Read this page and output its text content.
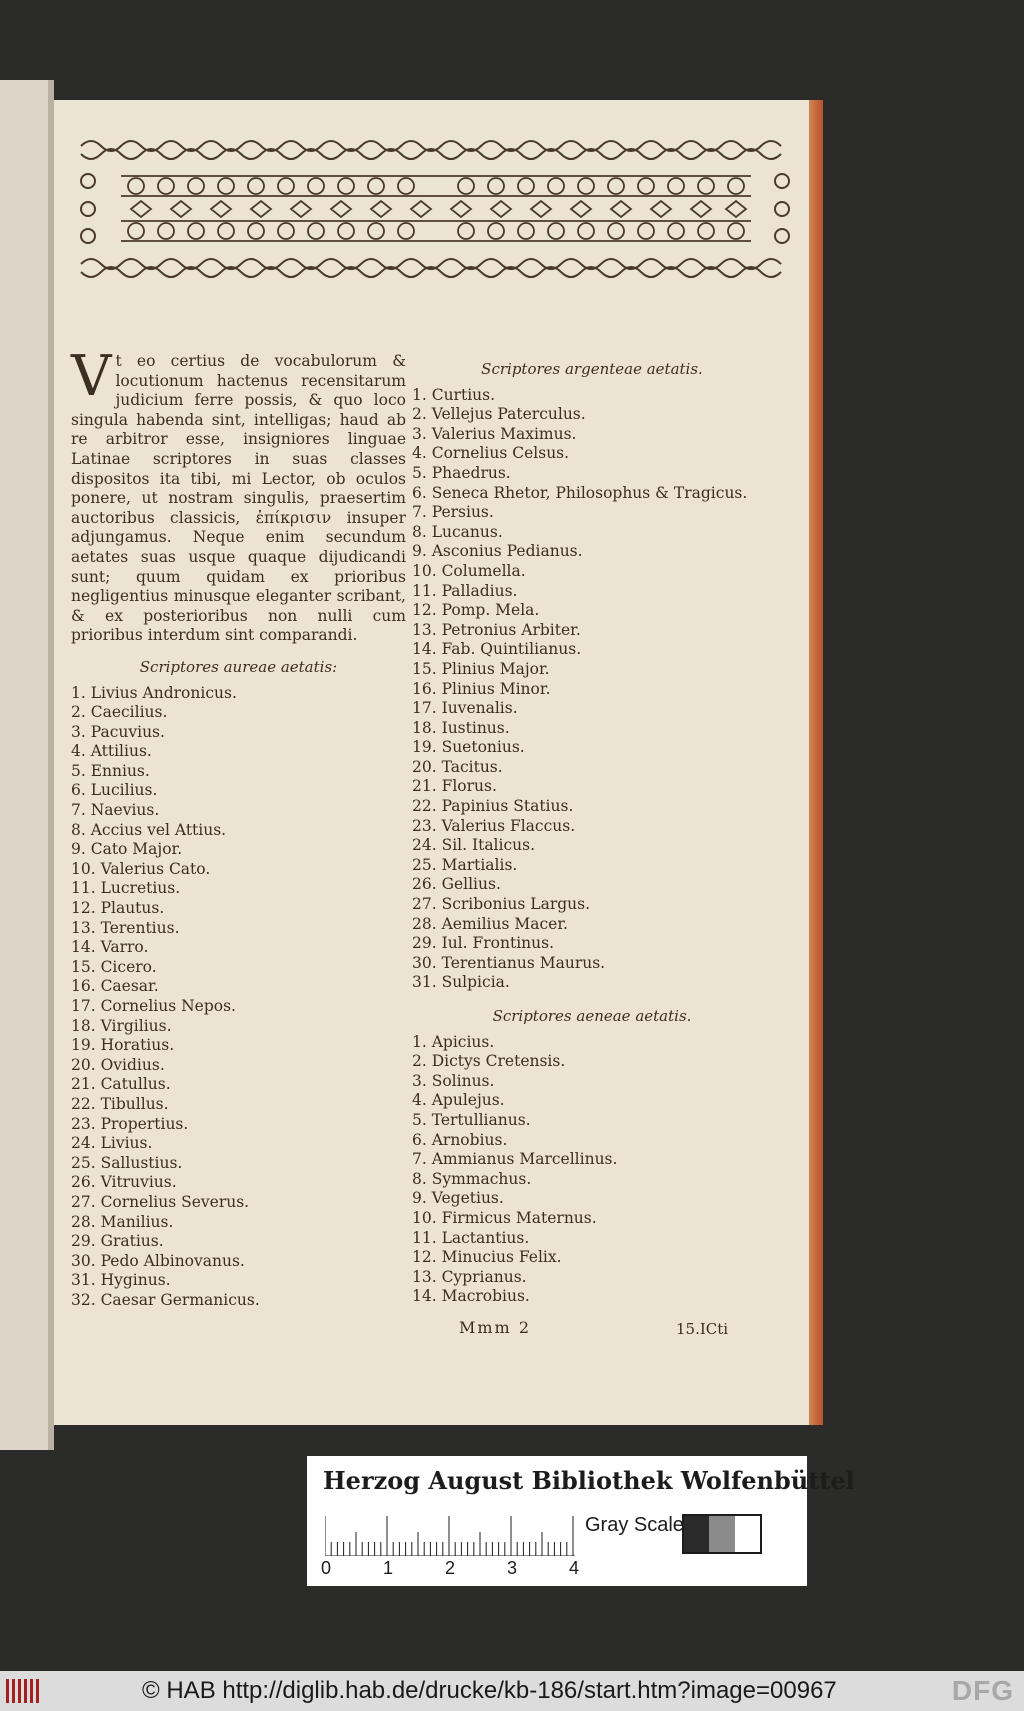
Vt eo certius de vocabulorum & locutionum hactenus recensitarum judicium ferre possis, & quo loco singula habenda sint, intelligas; haud ab re arbitror esse, insigniores linguae Latinae scriptores in suas classes dispositos ita tibi, mi Lector, ob oculos ponere, ut nostram singulis, praesertim auctoribus classicis, ἐπίκρισιν insuper adjungamus. Neque enim secundum aetates suas usque quaque dijudicandi sunt; quum quidam ex prioribus negligentius minusque eleganter scribant, & ex posterioribus non nulli cum prioribus interdum sint comparandi.

Scriptores aureae aetatis:
1. Livius Andronicus.
2. Caecilius.
3. Pacuvius.
4. Attilius.
5. Ennius.
6. Lucilius.
7. Naevius.
8. Accius vel Attius.
9. Cato Major.
10. Valerius Cato.
11. Lucretius.
12. Plautus.
13. Terentius.
14. Varro.
15. Cicero.
16. Caesar.
17. Cornelius Nepos.
18. Virgilius.
19. Horatius.
20. Ovidius.
21. Catullus.
22. Tibullus.
23. Propertius.
24. Livius.
25. Sallustius.
26. Vitruvius.
27. Cornelius Severus.
28. Manilius.
29. Gratius.
30. Pedo Albinovanus.
31. Hyginus.
32. Caesar Germanicus.
Scriptores argenteae aetatis.
1. Curtius.
2. Vellejus Paterculus.
3. Valerius Maximus.
4. Cornelius Celsus.
5. Phaedrus.
6. Seneca Rhetor, Philosophus & Tragicus.
7. Persius.
8. Lucanus.
9. Asconius Pedianus.
10. Columella.
11. Palladius.
12. Pomp. Mela.
13. Petronius Arbiter.
14. Fab. Quintilianus.
15. Plinius Major.
16. Plinius Minor.
17. Iuvenalis.
18. Iustinus.
19. Suetonius.
20. Tacitus.
21. Florus.
22. Papinius Statius.
23. Valerius Flaccus.
24. Sil. Italicus.
25. Martialis.
26. Gellius.
27. Scribonius Largus.
28. Aemilius Macer.
29. Iul. Frontinus.
30. Terentianus Maurus.
31. Sulpicia.
Scriptores aeneae aetatis.
1. Apicius.
2. Dictys Cretensis.
3. Solinus.
4. Apulejus.
5. Tertullianus.
6. Arnobius.
7. Ammianus Marcellinus.
8. Symmachus.
9. Vegetius.
10. Firmicus Maternus.
11. Lactantius.
12. Minucius Felix.
13. Cyprianus.
14. Macrobius.
Mmm 2	15.ICti
Herzog August Bibliothek Wolfenbüttel
0	1	2	3	4
Gray Scale
© HAB http://diglib.hab.de/drucke/kb-186/start.htm?image=00967	DFG
